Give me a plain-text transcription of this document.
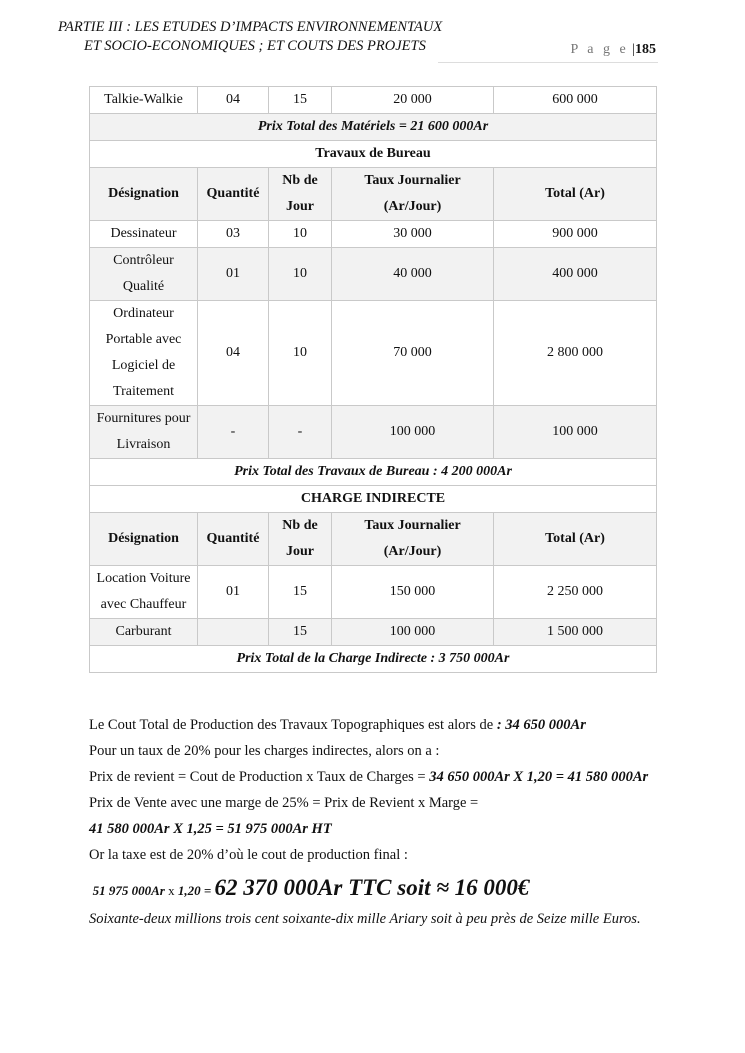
PARTIE III : LES ETUDES D’IMPACTS ENVIRONNEMENTAUX
ET SOCIO-ECONOMIQUES ; ET COUTS DES PROJETS	P a g e |185
Talkie-Walkie	04	15	20 000	600 000
Prix Total des Matériels = 21 600 000Ar				
Travaux de Bureau				
Désignation	Quantité	Nb de Jour	Taux Journalier (Ar/Jour)	Total (Ar)
Dessinateur	03	10	30 000	900 000
Contrôleur Qualité	01	10	40 000	400 000
Ordinateur Portable avec Logiciel de Traitement	04	10	70 000	2 800 000
Fournitures pour Livraison	-	-	100 000	100 000
Prix Total des Travaux de Bureau : 4 200 000Ar				
CHARGE INDIRECTE				
Désignation	Quantité	Nb de Jour	Taux Journalier (Ar/Jour)	Total (Ar)
Location Voiture avec Chauffeur	01	15	150 000	2 250 000
Carburant		15	100 000	1 500 000
Prix Total de la Charge Indirecte : 3 750 000Ar				

Le Cout Total de Production des Travaux Topographiques est alors de : 34 650 000Ar

Pour un taux de 20% pour les charges indirectes, alors on a :

Prix de revient = Cout de Production x Taux de Charges = 34 650 000Ar X 1,20 = 41 580 000Ar

Prix de Vente avec une marge de 25% = Prix de Revient x Marge =

41 580 000Ar X 1,25 = 51 975 000Ar HT

Or la taxe est de 20% d’où le cout de production final :

51 975 000Ar x 1,20 = 62 370 000Ar TTC soit ≈ 16 000€

Soixante-deux millions trois cent soixante-dix mille Ariary soit à peu près de Seize mille Euros.
